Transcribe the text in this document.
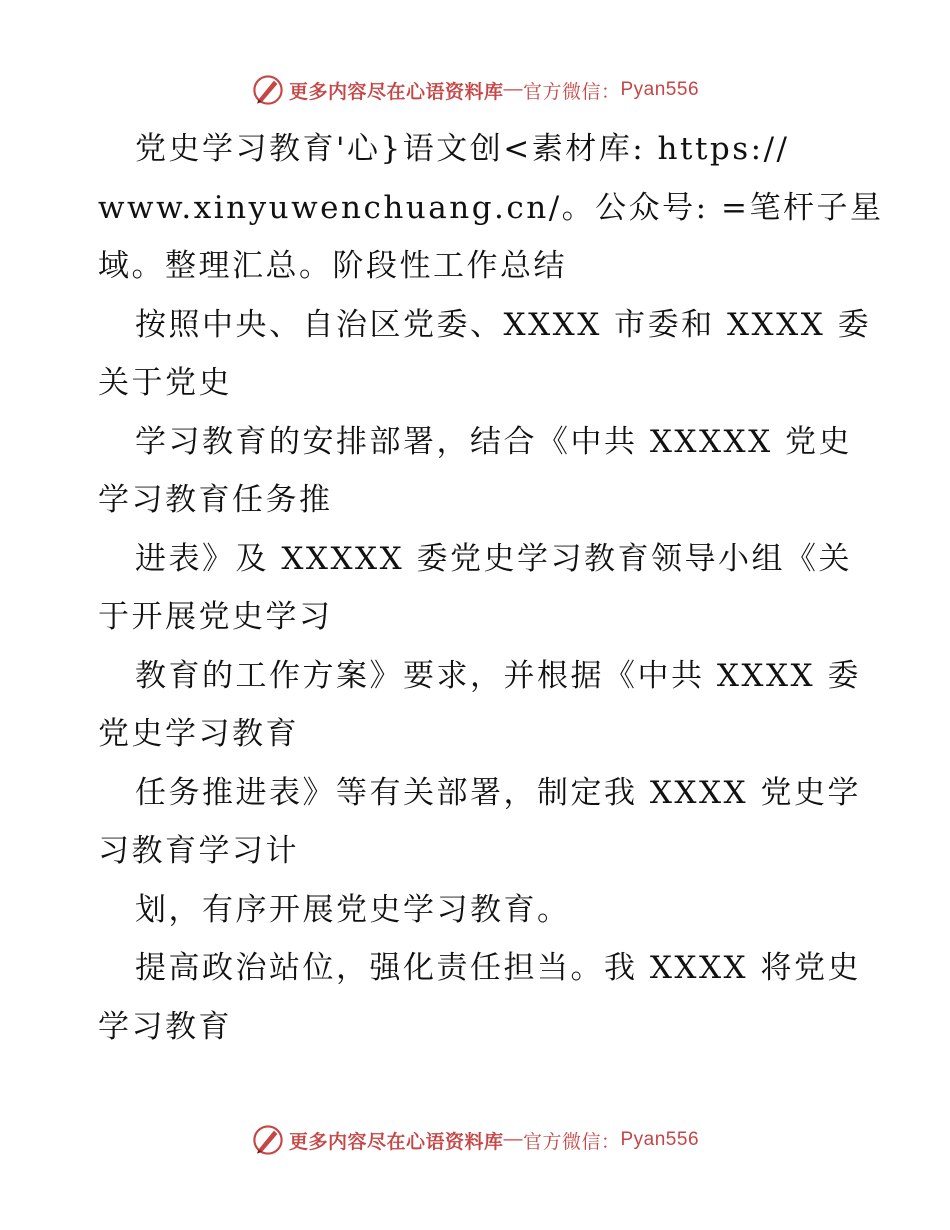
更多内容尽在心语资料库 — 官方微信： Pyan556
党史学习教育'心}语文创<素材库: https://
www.xinyuwenchuang.cn/。公众号: =笔杆子星
域。整理汇总。阶段性工作总结
按照中央、自治区党委、XXXX 市委和 XXXX 委
关于党史
学习教育的安排部署，结合《中共 XXXXX 党史
学习教育任务推
进表》及 XXXXX 委党史学习教育领导小组《关
于开展党史学习
教育的工作方案》要求，并根据《中共 XXXX 委
党史学习教育
任务推进表》等有关部署，制定我 XXXX 党史学
习教育学习计
划，有序开展党史学习教育。
提高政治站位，强化责任担当。我 XXXX 将党史
学习教育
更多内容尽在心语资料库 — 官方微信： Pyan556
